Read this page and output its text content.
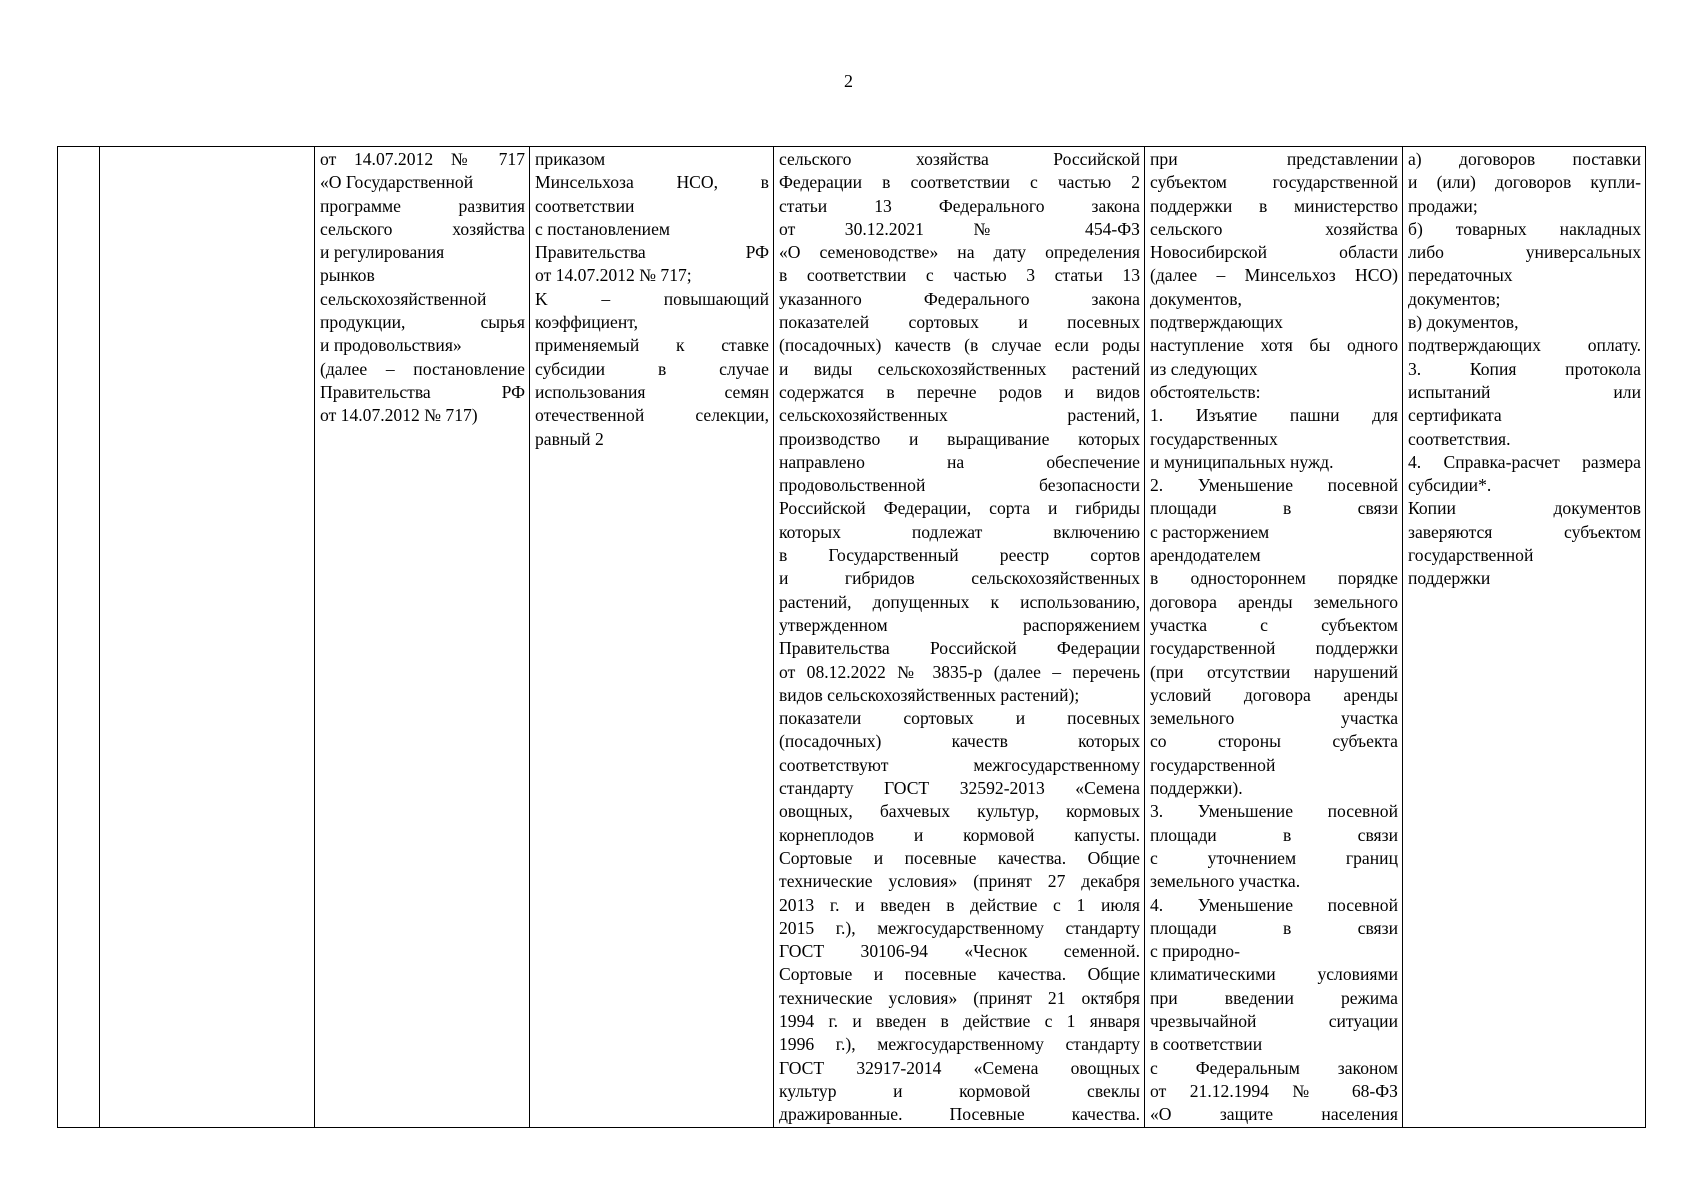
2

от 14.07.2012 № 717
«О Государственной
программе развития
сельского хозяйства
и регулирования
рынков
сельскохозяйственной
продукции, сырья
и продовольствия»
(далее – постановление
Правительства РФ
от 14.07.2012 № 717)

приказом
Минсельхоза НСО, в
соответствии
с постановлением
Правительства РФ
от 14.07.2012 № 717;
K – повышающий
коэффициент,
применяемый к ставке
субсидии в случае
использования семян
отечественной селекции,
равный 2

сельского хозяйства Российской
Федерации в соответствии с частью 2
статьи 13 Федерального закона
от 30.12.2021 № 454-ФЗ
«О семеноводстве» на дату определения
в соответствии с частью 3 статьи 13
указанного Федерального закона
показателей сортовых и посевных
(посадочных) качеств (в случае если роды
и виды сельскохозяйственных растений
содержатся в перечне родов и видов
сельскохозяйственных растений,
производство и выращивание которых
направлено на обеспечение
продовольственной безопасности
Российской Федерации, сорта и гибриды
которых подлежат включению
в Государственный реестр сортов
и гибридов сельскохозяйственных
растений, допущенных к использованию,
утвержденном распоряжением
Правительства Российской Федерации
от 08.12.2022 № 3835-р (далее – перечень
видов сельскохозяйственных растений);
показатели сортовых и посевных
(посадочных) качеств которых
соответствуют межгосударственному
стандарту ГОСТ 32592-2013 «Семена
овощных, бахчевых культур, кормовых
корнеплодов и кормовой капусты.
Сортовые и посевные качества. Общие
технические условия» (принят 27 декабря
2013 г. и введен в действие с 1 июля
2015 г.), межгосударственному стандарту
ГОСТ 30106-94 «Чеснок семенной.
Сортовые и посевные качества. Общие
технические условия» (принят 21 октября
1994 г. и введен в действие с 1 января
1996 г.), межгосударственному стандарту
ГОСТ 32917-2014 «Семена овощных
культур и кормовой свеклы
дражированные. Посевные качества.

при представлении
субъектом государственной
поддержки в министерство
сельского хозяйства
Новосибирской области
(далее – Минсельхоз НСО)
документов,
подтверждающих
наступление хотя бы одного
из следующих
обстоятельств:
1. Изъятие пашни для
государственных
и муниципальных нужд.
2. Уменьшение посевной
площади в связи
с расторжением
арендодателем
в одностороннем порядке
договора аренды земельного
участка с субъектом
государственной поддержки
(при отсутствии нарушений
условий договора аренды
земельного участка
со стороны субъекта
государственной
поддержки).
3. Уменьшение посевной
площади в связи
с уточнением границ
земельного участка.
4. Уменьшение посевной
площади в связи
с природно-
климатическими условиями
при введении режима
чрезвычайной ситуации
в соответствии
с Федеральным законом
от 21.12.1994 № 68-ФЗ
«О защите населения

а) договоров поставки
и (или) договоров купли-
продажи;
б) товарных накладных
либо универсальных
передаточных
документов;
в) документов,
подтверждающих оплату.
3. Копия протокола
испытаний или
сертификата
соответствия.
4. Справка-расчет размера
субсидии*.
Копии документов
заверяются субъектом
государственной
поддержки
